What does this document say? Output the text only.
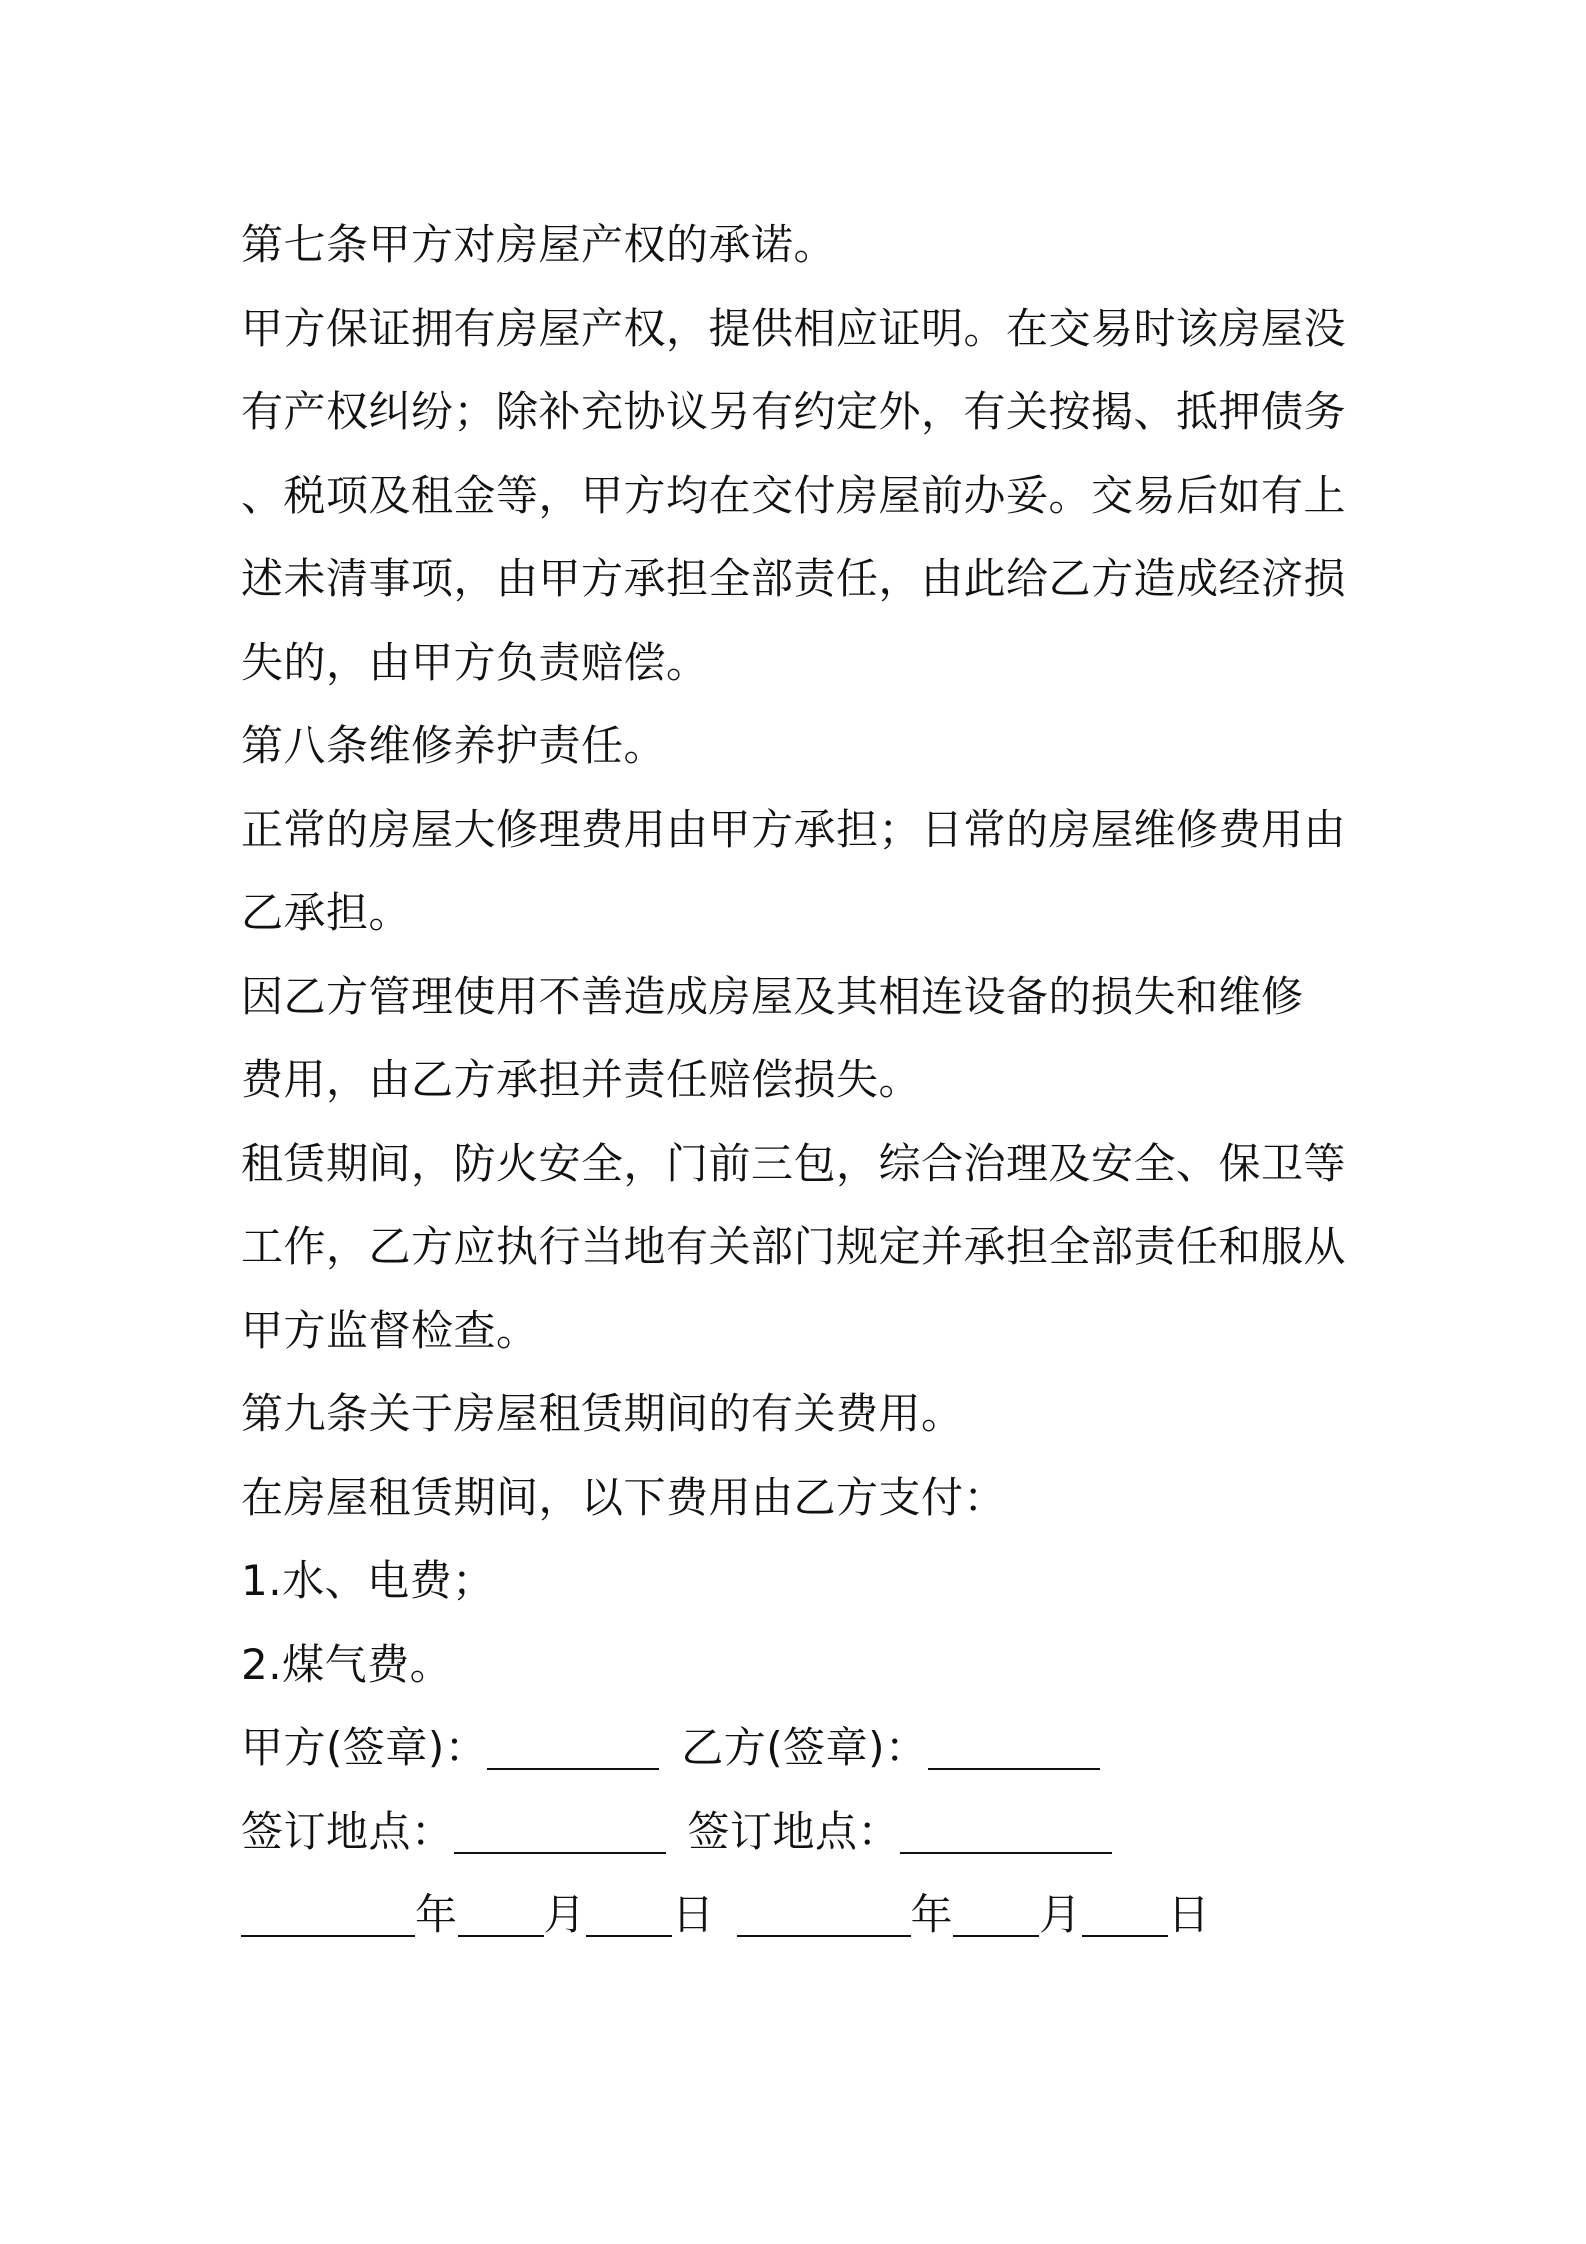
第七条甲方对房屋产权的承诺。
甲方保证拥有房屋产权，提供相应证明。在交易时该房屋没
有产权纠纷；除补充协议另有约定外，有关按揭、抵押债务
、税项及租金等，甲方均在交付房屋前办妥。交易后如有上
述未清事项，由甲方承担全部责任，由此给乙方造成经济损
失的，由甲方负责赔偿。
第八条维修养护责任。
正常的房屋大修理费用由甲方承担；日常的房屋维修费用由
乙承担。
因乙方管理使用不善造成房屋及其相连设备的损失和维修
费用，由乙方承担并责任赔偿损失。
租赁期间，防火安全，门前三包，综合治理及安全、保卫等
工作，乙方应执行当地有关部门规定并承担全部责任和服从
甲方监督检查。
第九条关于房屋租赁期间的有关费用。
在房屋租赁期间，以下费用由乙方支付：
1.水、电费；
2.煤气费。
甲方(签章)：	乙方(签章)：
签订地点：	签订地点：
年 月 日	年 月 日
